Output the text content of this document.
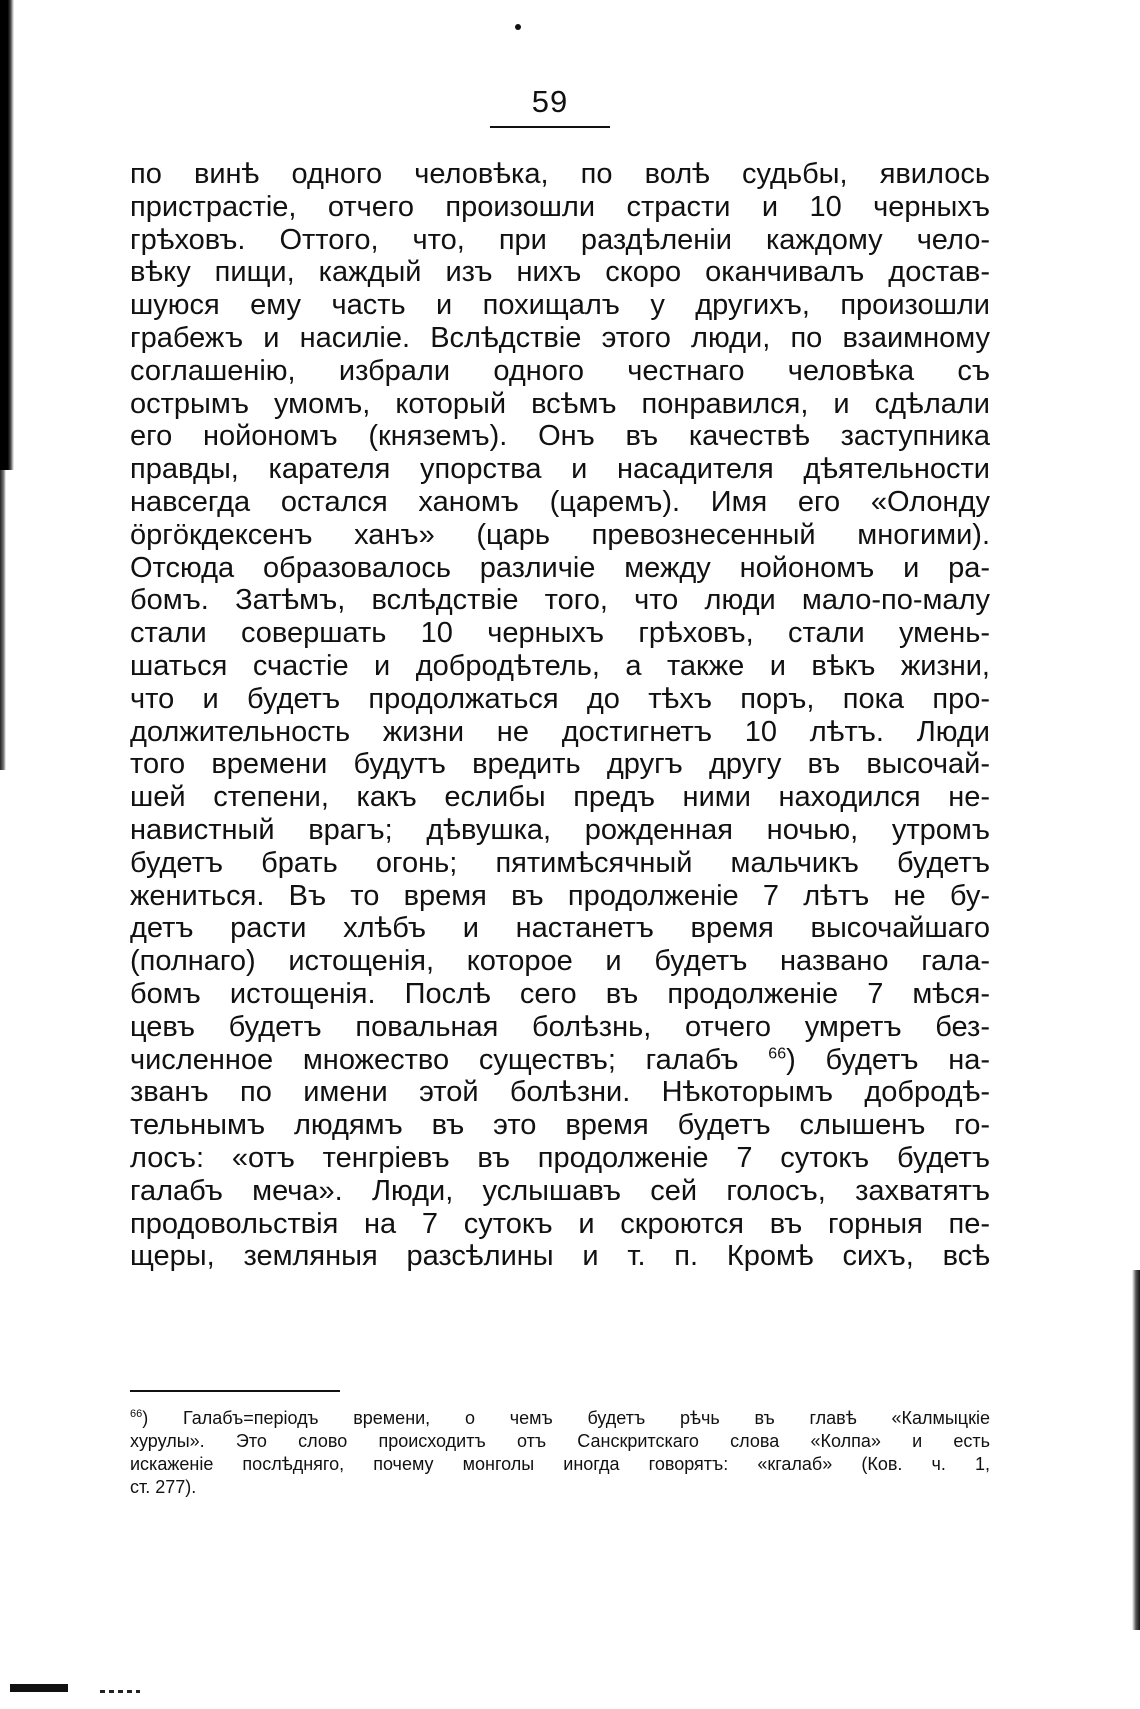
59
по винѣ одного человѣка, по волѣ судьбы, явилось
пристрастіе, отчего произошли страсти и 10 черныхъ
грѣховъ. Оттого, что, при раздѣленіи каждому чело-
вѣку пищи, каждый изъ нихъ скоро оканчивалъ достав-
шуюся ему часть и похищалъ у другихъ, произошли
грабежъ и насиліе. Вслѣдствіе этого люди, по взаимному
соглашенію, избрали одного честнаго человѣка съ
острымъ умомъ, который всѣмъ понравился, и сдѣлали
его нойономъ (княземъ). Онъ въ качествѣ заступника
правды, карателя упорства и насадителя дѣятельности
навсегда остался ханомъ (царемъ). Имя его «Олонду
öргöкдексенъ ханъ» (царь превознесенный многими).
Отсюда образовалось различіе между нойономъ и ра-
бомъ. Затѣмъ, вслѣдствіе того, что люди мало-по-малу
стали совершать 10 черныхъ грѣховъ, стали умень-
шаться счастіе и добродѣтель, а также и вѣкъ жизни,
что и будетъ продолжаться до тѣхъ поръ, пока про-
должительность жизни не достигнетъ 10 лѣтъ. Люди
того времени будутъ вредить другъ другу въ высочай-
шей степени, какъ еслибы предъ ними находился не-
навистный врагъ; дѣвушка, рожденная ночью, утромъ
будетъ брать огонь; пятимѣсячный мальчикъ будетъ
жениться. Въ то время въ продолженіе 7 лѣтъ не бу-
детъ расти хлѣбъ и настанетъ время высочайшаго
(полнаго) истощенія, которое и будетъ названо гала-
бомъ истощенія. Послѣ сего въ продолженіе 7 мѣся-
цевъ будетъ повальная болѣзнь, отчего умретъ без-
численное множество существъ; галабъ $^{66}$) будетъ на-
званъ по имени этой болѣзни. Нѣкоторымъ добродѣ-
тельнымъ людямъ въ это время будетъ слышенъ го-
лосъ: «отъ тенгріевъ въ продолженіе 7 сутокъ будетъ
галабъ меча». Люди, услышавъ сей голосъ, захватятъ
продовольствія на 7 сутокъ и скроются въ горныя пе-
щеры, земляныя разсѣлины и т. п. Кромѣ сихъ, всѣ
$^{66}$) Галабъ=періодъ времени, о чемъ будетъ рѣчь въ главѣ «Калмыцкіе
хурулы». Это слово происходитъ отъ Санскритскаго слова «Колпа» и есть
искаженіе послѣдняго, почему монголы иногда говорятъ: «кгалаб» (Ков. ч. 1,
ст. 277).
